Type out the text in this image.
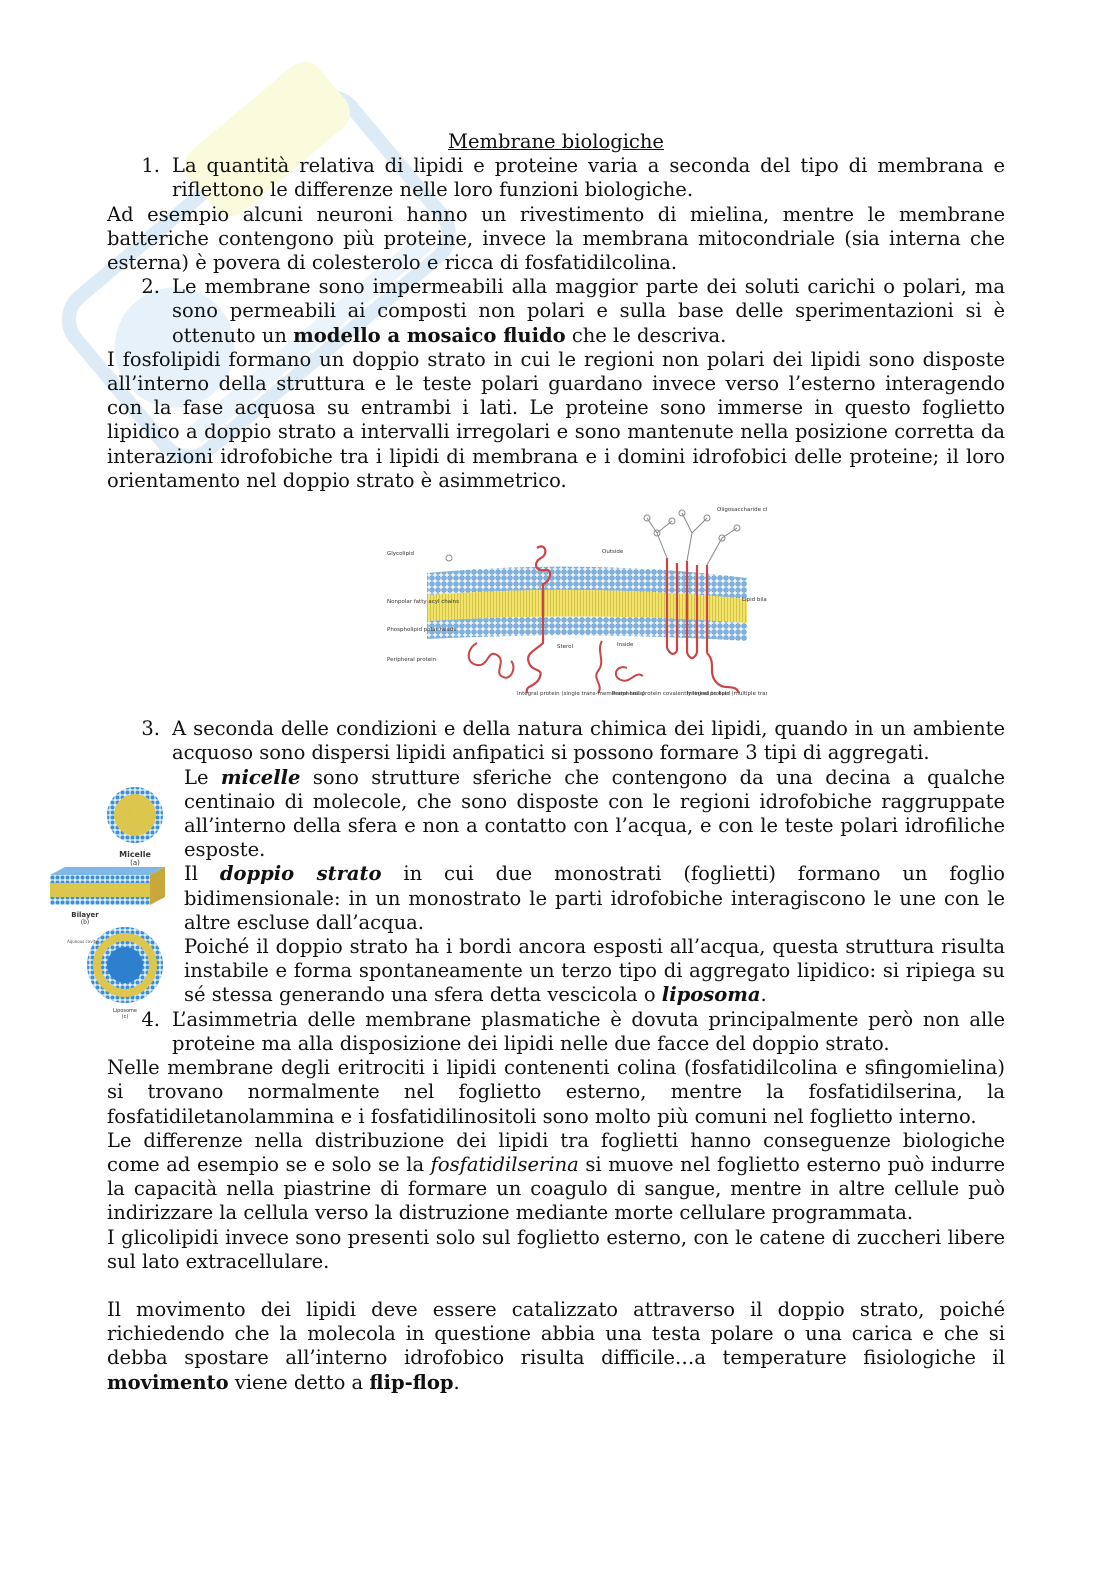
Membrane biologiche

1. La quantità relativa di lipidi e proteine varia a seconda del tipo di membrana e riflettono le differenze nelle loro funzioni biologiche.

Ad esempio alcuni neuroni hanno un rivestimento di mielina, mentre le membrane batteriche contengono più proteine, invece la membrana mitocondriale (sia interna che esterna) è povera di colesterolo e ricca di fosfatidilcolina.

2. Le membrane sono impermeabili alla maggior parte dei soluti carichi o polari, ma sono permeabili ai composti non polari e sulla base delle sperimentazioni si è ottenuto un modello a mosaico fluido che le descriva.

I fosfolipidi formano un doppio strato in cui le regioni non polari dei lipidi sono disposte all’interno della struttura e le teste polari guardano invece verso l’esterno interagendo con la fase acquosa su entrambi i lati. Le proteine sono immerse in questo foglietto lipidico a doppio strato a intervalli irregolari e sono mantenute nella posizione corretta da interazioni idrofobiche tra i lipidi di membrana e i domini idrofobici delle proteine; il loro orientamento nel doppio strato è asimmetrico.

Glycolipid	Outside
Inside
Oligosaccharide c
Nonpolar fatty acyl chains
Phospholipid polar heads
Peripheral protein
Sterol
Integral protein (single trans-membrane helix)
Peripheral protein covalently linked to lipid
Integral protein (multiple tra
Lipid bila
3. A seconda delle condizioni e della natura chimica dei lipidi, quando in un ambiente acquoso sono dispersi lipidi anfipatici si possono formare 3 tipi di aggregati.

Le micelle sono strutture sferiche che contengono da una decina a qualche centinaio di molecole, che sono disposte con le regioni idrofobiche raggruppate all’interno della sfera e non a contatto con l’acqua, e con le teste polari idrofiliche esposte.

Il doppio strato in cui due monostrati (foglietti) formano un foglio bidimensionale: in un monostrato le parti idrofobiche interagiscono le une con le altre escluse dall’acqua.

Poiché il doppio strato ha i bordi ancora esposti all’acqua, questa struttura risulta instabile e forma spontaneamente un terzo tipo di aggregato lipidico: si ripiega su sé stessa generando una sfera detta vescicola o liposoma.

4. L’asimmetria delle membrane plasmatiche è dovuta principalmente però non alle proteine ma alla disposizione dei lipidi nelle due facce del doppio strato.

Nelle membrane degli eritrociti i lipidi contenenti colina (fosfatidilcolina e sfingomielina) si trovano normalmente nel foglietto esterno, mentre la fosfatidilserina, la fosfatidiletanolammina e i fosfatidilinositoli sono molto più comuni nel foglietto interno.

Le differenze nella distribuzione dei lipidi tra foglietti hanno conseguenze biologiche come ad esempio se e solo se la fosfatidilserina si muove nel foglietto esterno può indurre la capacità nella piastrine di formare un coagulo di sangue, mentre in altre cellule può indirizzare la cellula verso la distruzione mediante morte cellulare programmata.

I glicolipidi invece sono presenti solo sul foglietto esterno, con le catene di zuccheri libere sul lato extracellulare.

Il movimento dei lipidi deve essere catalizzato attraverso il doppio strato, poiché richiedendo che la molecola in questione abbia una testa polare o una carica e che si debba spostare all’interno idrofobico risulta difficile…a temperature fisiologiche il movimento viene detto a flip-flop.

Micelle
(a)
Bilayer
(b)
Aqueous cavity
Liposome
(c)
